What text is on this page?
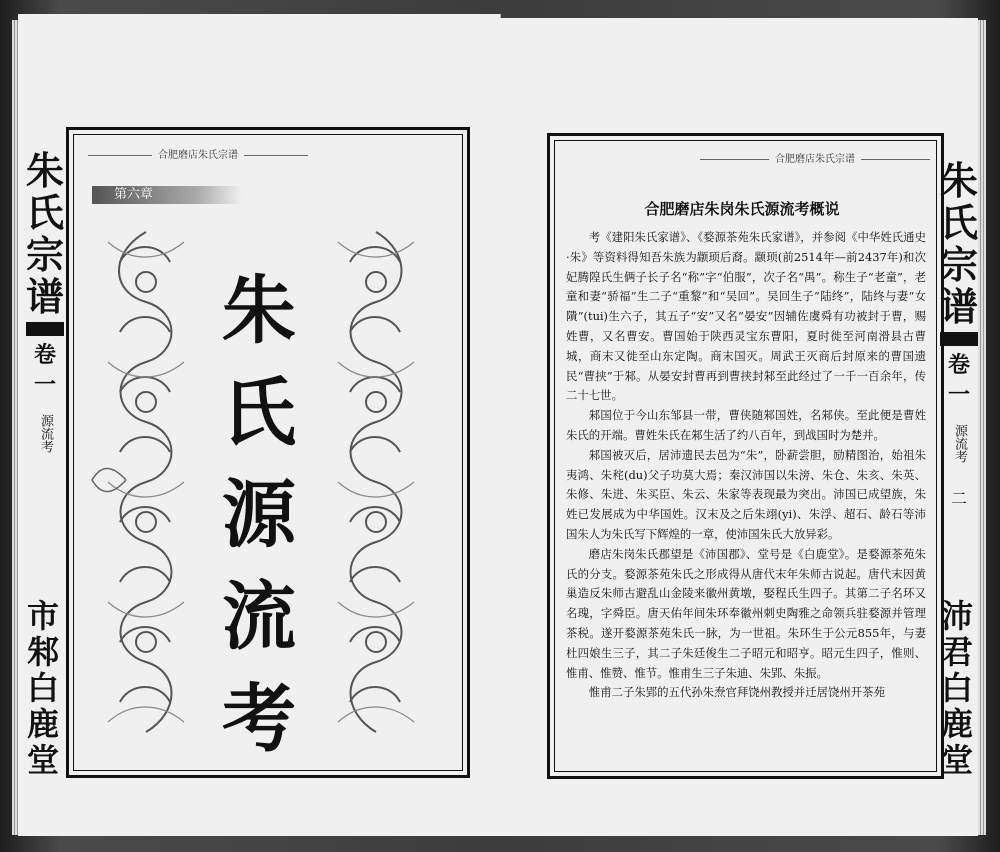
朱
氏
宗
谱
卷一
源流考
市
邾
白
鹿
堂
合肥磨店朱氏宗谱
第六章
朱
氏
源
流
考
合肥磨店朱氏宗谱
合肥磨店朱岗朱氏源流考概说

考《建阳朱氏家谱》、《婺源茶苑朱氏家谱》，并参阅《中华姓氏通史·朱》等资料得知吾朱族为颛顼后裔。颛顼(前2514年—前2437年)和次妃腾隍氏生俩子长子名“称”字“伯服”，次子名“禺”。称生子“老童”，老童和妻“骄福”生二子“重黎”和“吴回”。吴回生子“陆终”，陆终与妻“女隤”(tui)生六子，其五子“安”又名“晏安”因辅佐虞舜有功被封于曹，赐姓曹，又名曹安。曹国始于陕西灵宝东曹阳，夏时徙至河南滑县古曹城，商末又徙至山东定陶。商末国灭。周武王灭商后封原来的曹国遗民“曹挟”于邾。从晏安封曹再到曹挟封邾至此经过了一千一百余年，传二十七世。

邾国位于今山东邹县一带，曹侠随邾国姓，名邾侠。至此便是曹姓朱氏的开端。曹姓朱氏在邾生活了约八百年，到战国时为楚并。

邾国被灭后，居沛遗民去邑为“朱”，卧薪尝胆，励精图治，始祖朱夷鸿、朱秺(du)父子功莫大焉；秦汉沛国以朱滂、朱仓、朱亥、朱英、朱修、朱进、朱买臣、朱云、朱家等表现最为突出。沛国已成望族，朱姓已发展成为中华国姓。汉末及之后朱翊(yi)、朱浮、超石、龄石等沛国朱人为朱氏写下辉煌的一章，使沛国朱氏大放异彩。

磨店朱岗朱氏郡望是《沛国郡》、堂号是《白鹿堂》。是婺源茶苑朱氏的分支。婺源茶苑朱氏之形成得从唐代末年朱师古说起。唐代末因黄巢造反朱师古避乱山金陵来徽州黄墩，娶程氏生四子。其第二子名环又名瑰，字舜臣。唐天佑年间朱环奉徽州刺史陶雅之命领兵驻婺源并管理茶税。遂开婺源茶苑朱氏一脉，为一世祖。朱环生于公元855年，与妻杜四娘生三子，其二子朱廷俊生二子昭元和昭亨。昭元生四子，惟则、惟甫、惟赞、惟节。惟甫生三子朱迪、朱郢、朱振。

惟甫二子朱郢的五代孙朱焘官拜饶州教授并迁居饶州开茶苑

朱
氏
宗
谱
卷一
源流考
二
沛
君
白
鹿
堂
